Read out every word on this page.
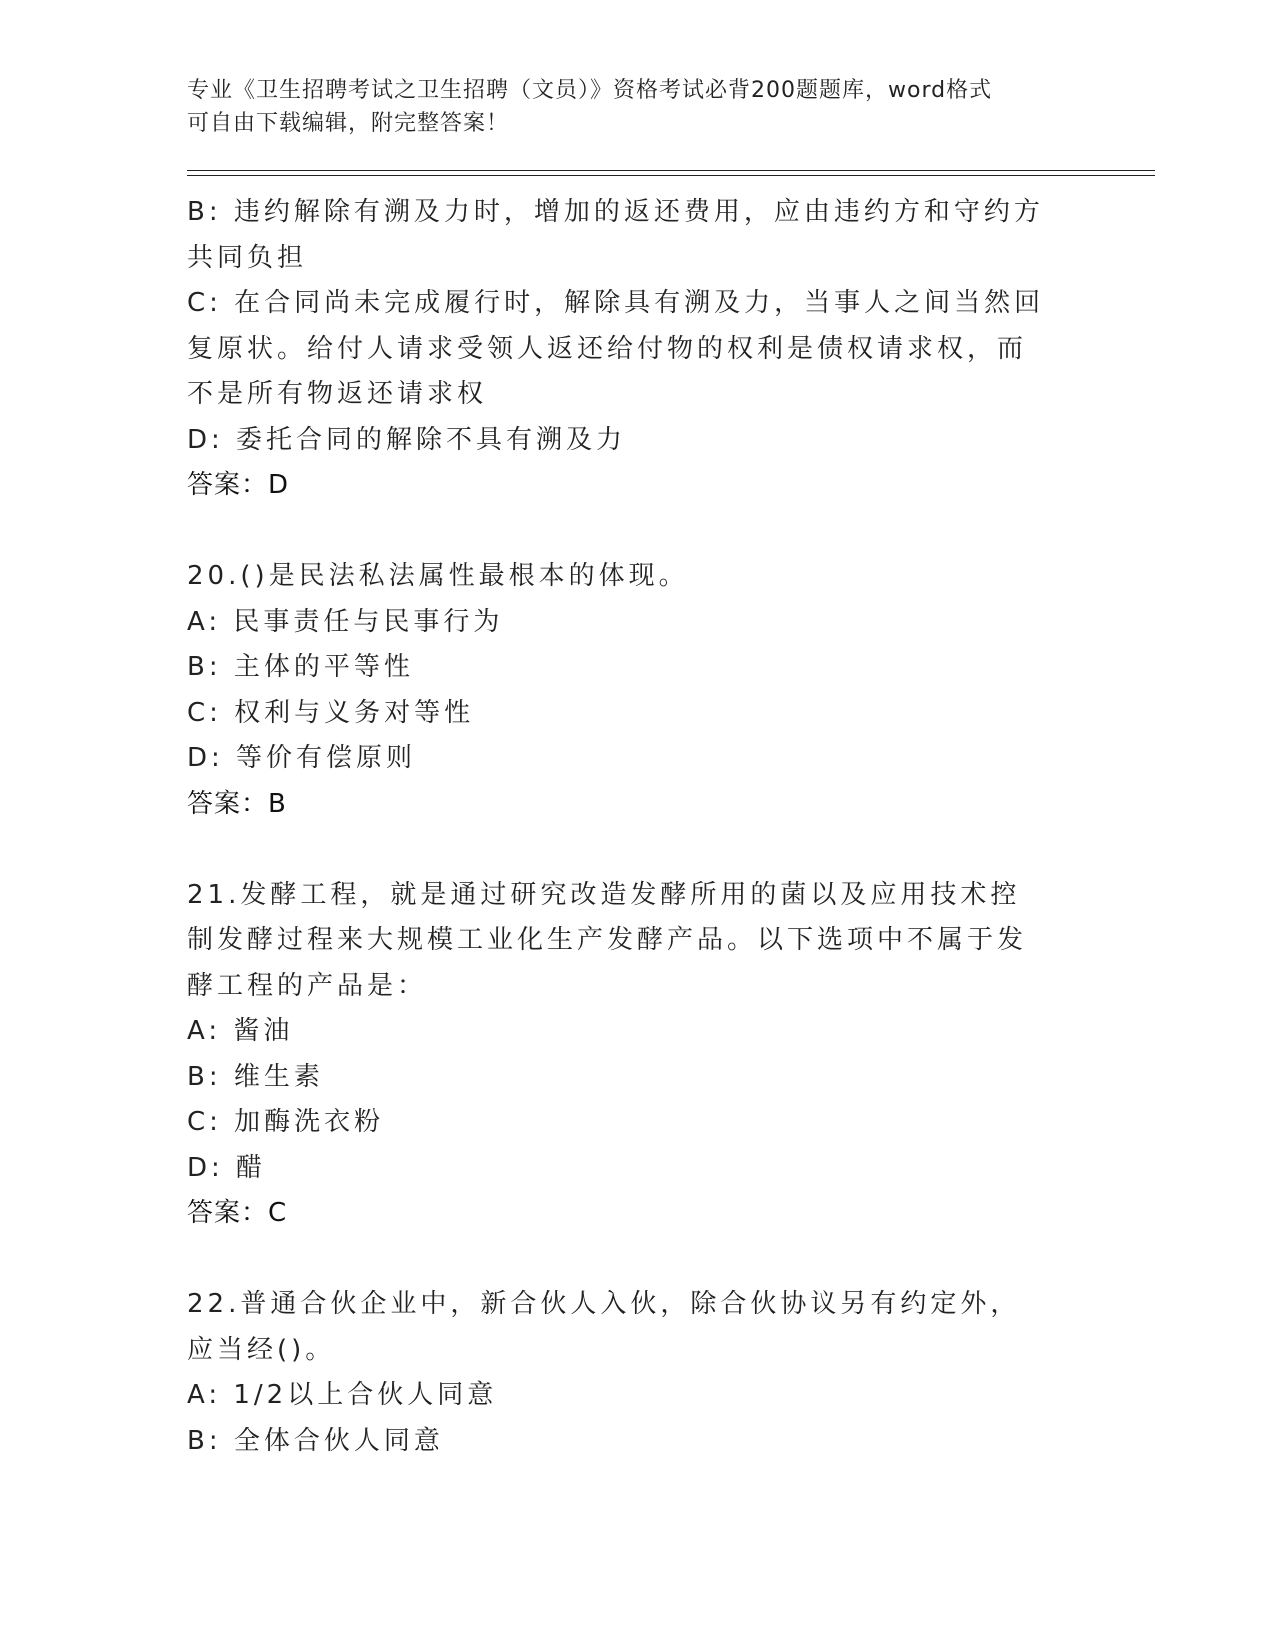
专业《卫生招聘考试之卫生招聘（文员）》资格考试必背200题题库，word格式
可自由下载编辑，附完整答案！
B: 违约解除有溯及力时，增加的返还费用，应由违约方和守约方共同负担
C: 在合同尚未完成履行时，解除具有溯及力，当事人之间当然回复原状。给付人请求受领人返还给付物的权利是债权请求权，而不是所有物返还请求权
D: 委托合同的解除不具有溯及力
答案：D
20.()是民法私法属性最根本的体现。
A: 民事责任与民事行为
B: 主体的平等性
C: 权利与义务对等性
D: 等价有偿原则
答案：B
21.发酵工程，就是通过研究改造发酵所用的菌以及应用技术控制发酵过程来大规模工业化生产发酵产品。以下选项中不属于发酵工程的产品是：
A: 酱油
B: 维生素
C: 加酶洗衣粉
D: 醋
答案：C
22.普通合伙企业中，新合伙人入伙，除合伙协议另有约定外，应当经()。
A: 1/2以上合伙人同意
B: 全体合伙人同意
